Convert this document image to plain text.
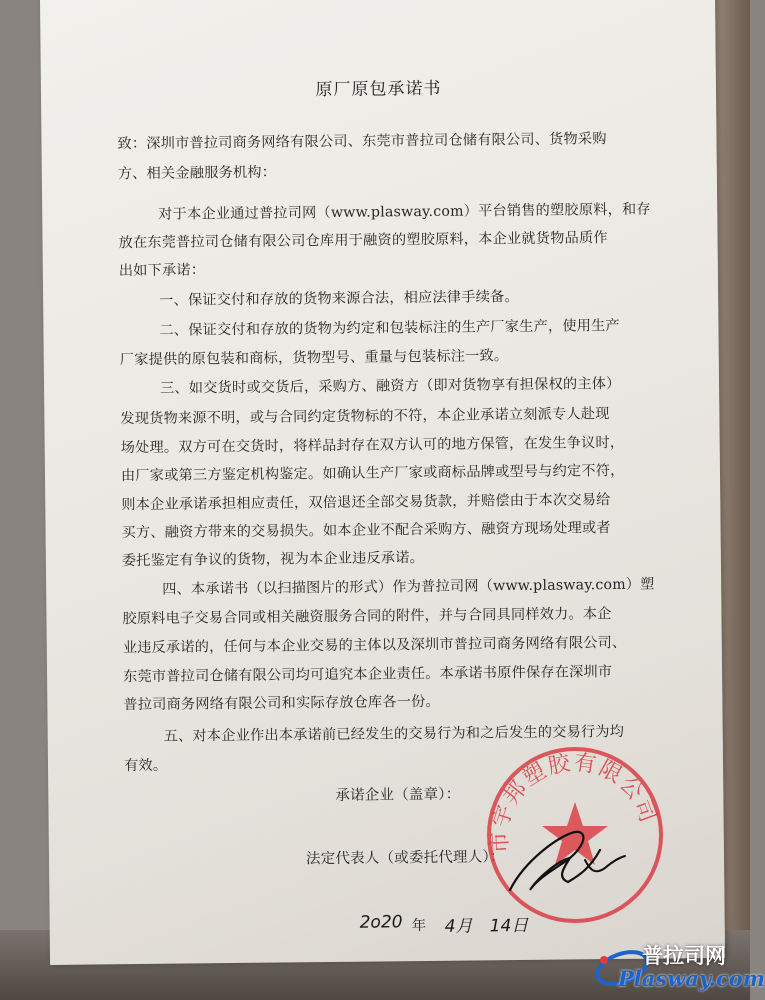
原厂原包承诺书
致：深圳市普拉司商务网络有限公司、东莞市普拉司仓储有限公司、货物采购
方、相关金融服务机构：
对于本企业通过普拉司网（www.plasway.com）平台销售的塑胶原料，和存
放在东莞普拉司仓储有限公司仓库用于融资的塑胶原料，本企业就货物品质作
出如下承诺：
一、保证交付和存放的货物来源合法，相应法律手续备。
二、保证交付和存放的货物为约定和包装标注的生产厂家生产，使用生产
厂家提供的原包装和商标，货物型号、重量与包装标注一致。
三、如交货时或交货后，采购方、融资方（即对货物享有担保权的主体）
发现货物来源不明，或与合同约定货物标的不符，本企业承诺立刻派专人赴现
场处理。双方可在交货时，将样品封存在双方认可的地方保管，在发生争议时，
由厂家或第三方鉴定机构鉴定。如确认生产厂家或商标品牌或型号与约定不符，
则本企业承诺承担相应责任，双倍退还全部交易货款，并赔偿由于本次交易给
买方、融资方带来的交易损失。如本企业不配合采购方、融资方现场处理或者
委托鉴定有争议的货物，视为本企业违反承诺。
四、本承诺书（以扫描图片的形式）作为普拉司网（www.plasway.com）塑
胶原料电子交易合同或相关融资服务合同的附件，并与合同具同样效力。本企
业违反承诺的，任何与本企业交易的主体以及深圳市普拉司商务网络有限公司、
东莞市普拉司仓储有限公司均可追究本企业责任。本承诺书原件保存在深圳市
普拉司商务网络有限公司和实际存放仓库各一份。
五、对本企业作出本承诺前已经发生的交易行为和之后发生的交易行为均
有效。
承诺企业（盖章）：
法定代表人（或委托代理人）：
2o20 年 4月 14日
市宇邦塑胶有限公司
普拉司网
Plasway.com
